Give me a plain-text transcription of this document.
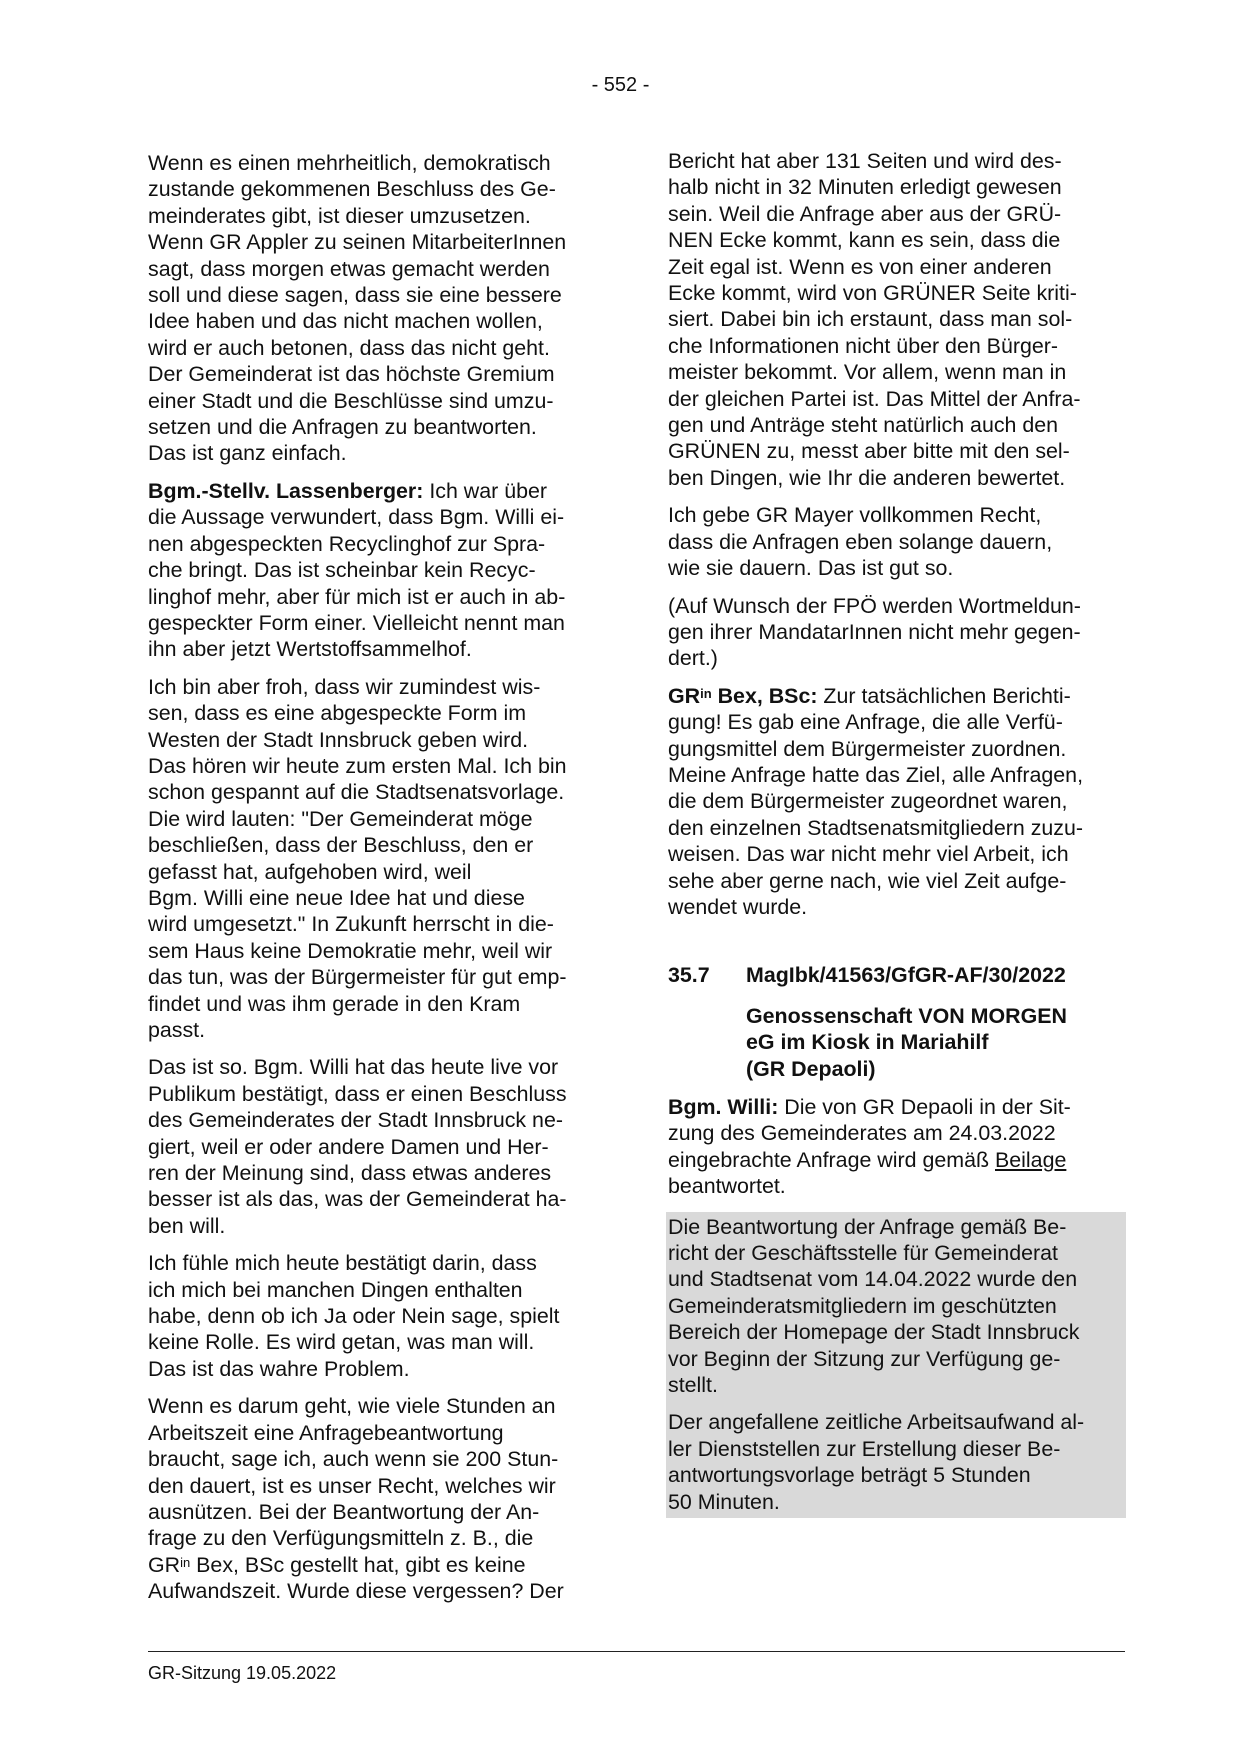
- 552 -

Wenn es einen mehrheitlich, demokratisch
zustande gekommenen Beschluss des Ge-
meinderates gibt, ist dieser umzusetzen.
Wenn GR Appler zu seinen MitarbeiterInnen
sagt, dass morgen etwas gemacht werden
soll und diese sagen, dass sie eine bessere
Idee haben und das nicht machen wollen,
wird er auch betonen, dass das nicht geht.
Der Gemeinderat ist das höchste Gremium
einer Stadt und die Beschlüsse sind umzu-
setzen und die Anfragen zu beantworten.
Das ist ganz einfach.

Bgm.-Stellv. Lassenberger: Ich war über
die Aussage verwundert, dass Bgm. Willi ei-
nen abgespeckten Recyclinghof zur Spra-
che bringt. Das ist scheinbar kein Recyc-
linghof mehr, aber für mich ist er auch in ab-
gespeckter Form einer. Vielleicht nennt man
ihn aber jetzt Wertstoffsammelhof.

Ich bin aber froh, dass wir zumindest wis-
sen, dass es eine abgespeckte Form im
Westen der Stadt Innsbruck geben wird.
Das hören wir heute zum ersten Mal. Ich bin
schon gespannt auf die Stadtsenatsvorlage.
Die wird lauten: "Der Gemeinderat möge
beschließen, dass der Beschluss, den er
gefasst hat, aufgehoben wird, weil
Bgm. Willi eine neue Idee hat und diese
wird umgesetzt." In Zukunft herrscht in die-
sem Haus keine Demokratie mehr, weil wir
das tun, was der Bürgermeister für gut emp-
findet und was ihm gerade in den Kram
passt.

Das ist so. Bgm. Willi hat das heute live vor
Publikum bestätigt, dass er einen Beschluss
des Gemeinderates der Stadt Innsbruck ne-
giert, weil er oder andere Damen und Her-
ren der Meinung sind, dass etwas anderes
besser ist als das, was der Gemeinderat ha-
ben will.

Ich fühle mich heute bestätigt darin, dass
ich mich bei manchen Dingen enthalten
habe, denn ob ich Ja oder Nein sage, spielt
keine Rolle. Es wird getan, was man will.
Das ist das wahre Problem.

Wenn es darum geht, wie viele Stunden an
Arbeitszeit eine Anfragebeantwortung
braucht, sage ich, auch wenn sie 200 Stun-
den dauert, ist es unser Recht, welches wir
ausnützen. Bei der Beantwortung der An-
frage zu den Verfügungsmitteln z. B., die
$GR^{in}$ Bex, BSc gestellt hat, gibt es keine
Aufwandszeit. Wurde diese vergessen? Der

Bericht hat aber 131 Seiten und wird des-
halb nicht in 32 Minuten erledigt gewesen
sein. Weil die Anfrage aber aus der GRÜ-
NEN Ecke kommt, kann es sein, dass die
Zeit egal ist. Wenn es von einer anderen
Ecke kommt, wird von GRÜNER Seite kriti-
siert. Dabei bin ich erstaunt, dass man sol-
che Informationen nicht über den Bürger-
meister bekommt. Vor allem, wenn man in
der gleichen Partei ist. Das Mittel der Anfra-
gen und Anträge steht natürlich auch den
GRÜNEN zu, messt aber bitte mit den sel-
ben Dingen, wie Ihr die anderen bewertet.

Ich gebe GR Mayer vollkommen Recht,
dass die Anfragen eben solange dauern,
wie sie dauern. Das ist gut so.

(Auf Wunsch der FPÖ werden Wortmeldun-
gen ihrer MandatarInnen nicht mehr gegen-
dert.)

$GR^{in}$ Bex, BSc: Zur tatsächlichen Berichti-
gung! Es gab eine Anfrage, die alle Verfü-
gungsmittel dem Bürgermeister zuordnen.
Meine Anfrage hatte das Ziel, alle Anfragen,
die dem Bürgermeister zugeordnet waren,
den einzelnen Stadtsenatsmitgliedern zuzu-
weisen. Das war nicht mehr viel Arbeit, ich
sehe aber gerne nach, wie viel Zeit aufge-
wendet wurde.

35.7	MagIbk/41563/GfGR-AF/30/2022
Genossenschaft VON MORGEN
eG im Kiosk in Mariahilf
(GR Depaoli)

Bgm. Willi: Die von GR Depaoli in der Sit-
zung des Gemeinderates am 24.03.2022
eingebrachte Anfrage wird gemäß Beilage
beantwortet.

Die Beantwortung der Anfrage gemäß Be-
richt der Geschäftsstelle für Gemeinderat
und Stadtsenat vom 14.04.2022 wurde den
Gemeinderatsmitgliedern im geschützten
Bereich der Homepage der Stadt Innsbruck
vor Beginn der Sitzung zur Verfügung ge-
stellt.

Der angefallene zeitliche Arbeitsaufwand al-
ler Dienststellen zur Erstellung dieser Be-
antwortungsvorlage beträgt 5 Stunden
50 Minuten.

GR-Sitzung 19.05.2022
